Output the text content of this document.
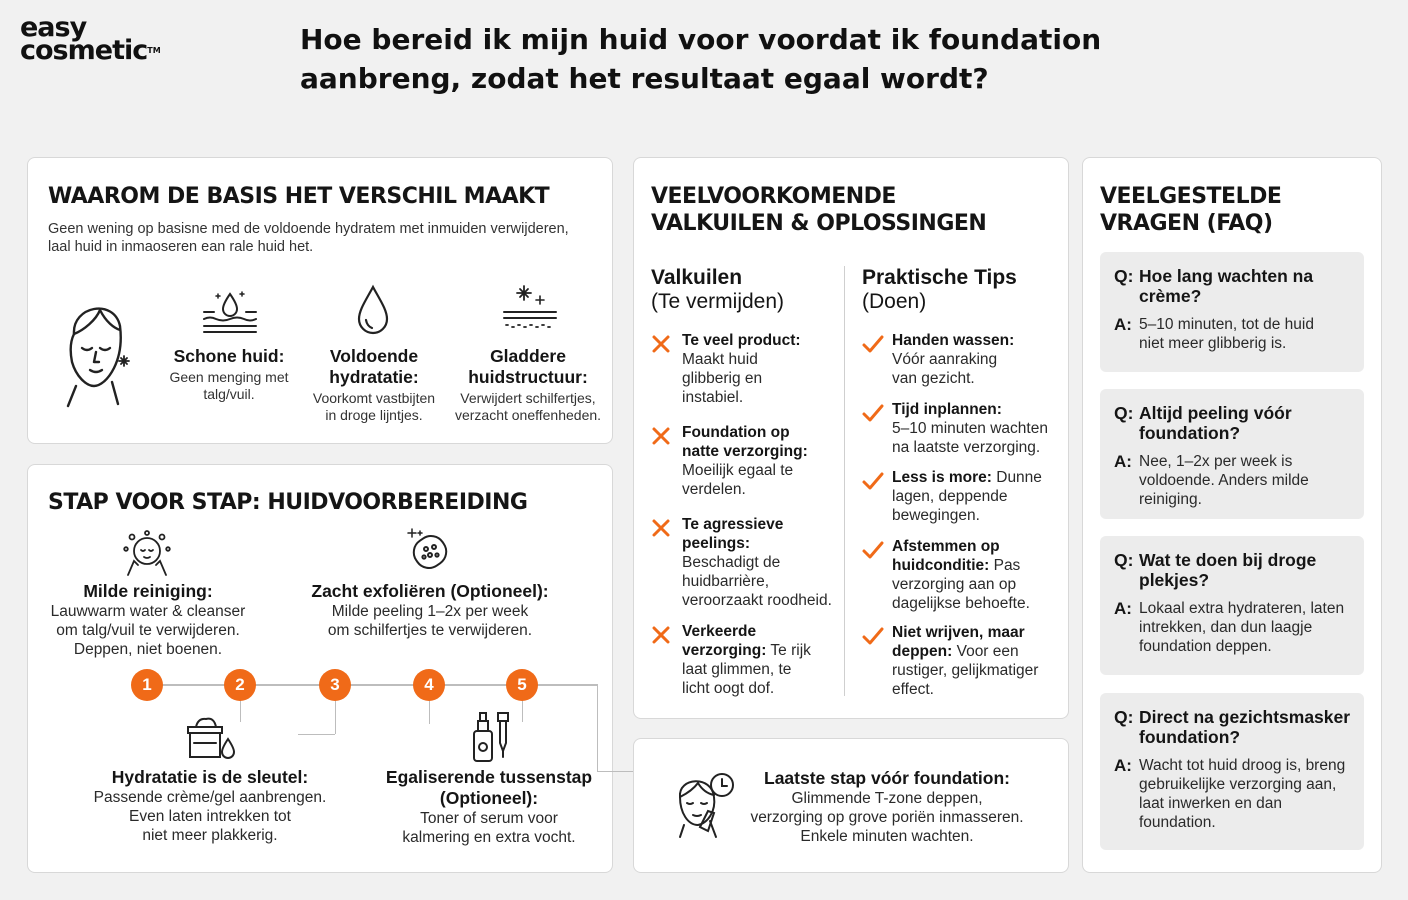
easy
cosmetic™	Hoe bereid ik mijn huid voor voordat ik foundation
aanbreng, zodat het resultaat egaal wordt?
WAAROM DE BASIS HET VERSCHIL MAAKT
Geen wening op basisne med de voldoende hydratem met inmuiden verwijderen, laal huid in inmaoseren ean rale huid het.
Schone huid:
Geen menging met talg/vuil.
Voldoende
hydratatie:
Voorkomt vastbijten
in droge lijntjes.
Gladdere
huidstructuur:
Verwijdert schilfertjes,
verzacht oneffenheden.
STAP VOOR STAP: HUIDVOORBEREIDING
Milde reiniging:
Lauwwarm water & cleanser
om talg/vuil te verwijderen.
Deppen, niet boenen.
Zacht exfoliëren (Optioneel):
Milde peeling 1–2x per week
om schilfertjes te verwijderen.
1	2	3	4	5
Hydratatie is de sleutel:
Passende crème/gel aanbrengen.
Even laten intrekken tot
niet meer plakkerig.
Egaliserende tussenstap
(Optioneel):
Toner of serum voor
kalmering en extra vocht.
VEELVOORKOMENDE
VALKUILEN & OPLOSSINGEN
Valkuilen
(Te vermijden)
Praktische Tips
(Doen)
Te veel product:
Maakt huid
glibberig en
instabiel.
Foundation op
natte verzorging:
Moeilijk egaal te
verdelen.
Te agressieve
peelings:
Beschadigt de
huidbarrière,
veroorzaakt roodheid.
Verkeerde
verzorging: Te rijk
laat glimmen, te
licht oogt dof.
Handen wassen:
Vóór aanraking
van gezicht.
Tijd inplannen:
5–10 minuten wachten
na laatste verzorging.
Less is more: Dunne
lagen, deppende
bewegingen.
Afstemmen op
huidconditie: Pas
verzorging aan op
dagelijkse behoefte.
Niet wrijven, maar
deppen: Voor een
rustiger, gelijkmatiger
effect.
Laatste stap vóór foundation:
Glimmende T-zone deppen,
verzorging op grove poriën inmasseren.
Enkele minuten wachten.
VEELGESTELDE
VRAGEN (FAQ)
Q: Hoe lang wachten na
crème?
A: 5–10 minuten, tot de huid
niet meer glibberig is.
Q: Altijd peeling vóór
foundation?
A: Nee, 1–2x per week is
voldoende. Anders milde
reiniging.
Q: Wat te doen bij droge
plekjes?
A: Lokaal extra hydrateren, laten
intrekken, dan dun laagje
foundation deppen.
Q: Direct na gezichtsmasker
foundation?
A: Wacht tot huid droog is, breng
gebruikelijke verzorging aan,
laat inwerken en dan
foundation.
